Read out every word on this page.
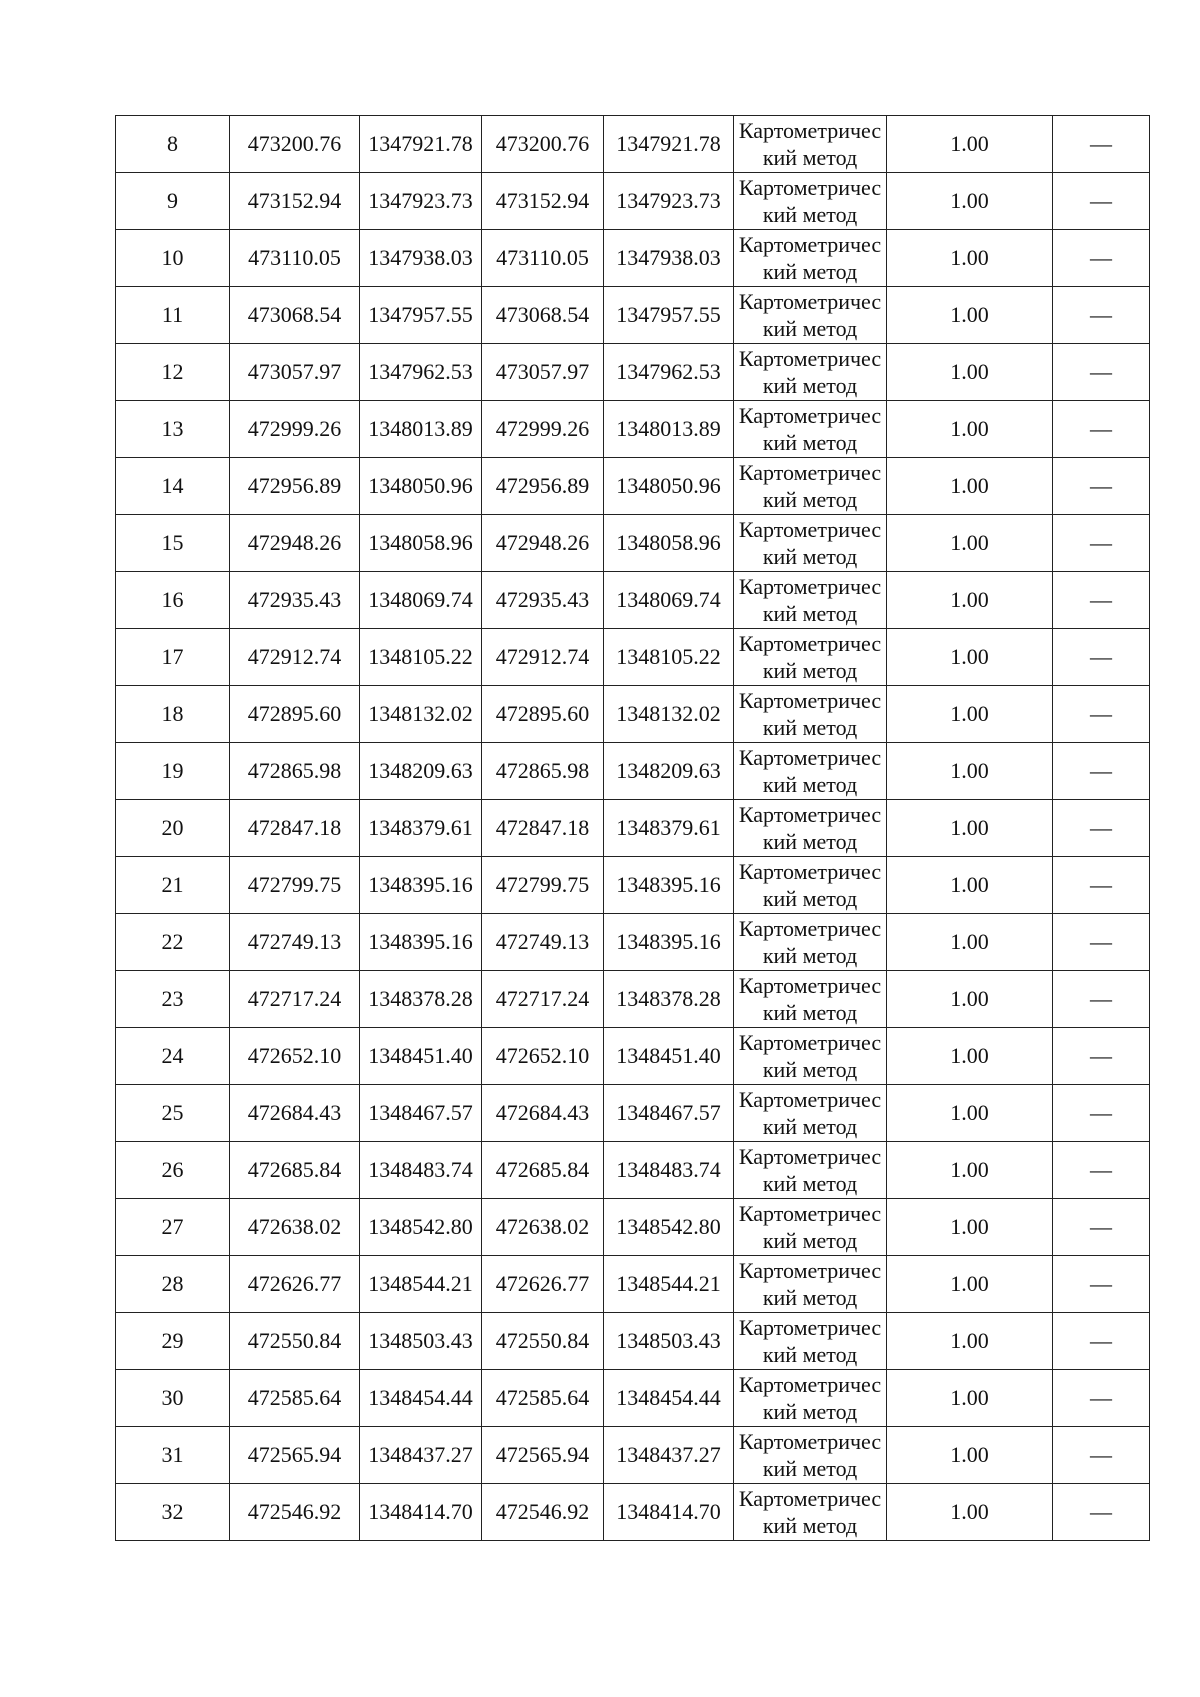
8	473200.76	1347921.78	473200.76	1347921.78	Картометрический метод	1.00	—
9	473152.94	1347923.73	473152.94	1347923.73	Картометрический метод	1.00	—
10	473110.05	1347938.03	473110.05	1347938.03	Картометрический метод	1.00	—
11	473068.54	1347957.55	473068.54	1347957.55	Картометрический метод	1.00	—
12	473057.97	1347962.53	473057.97	1347962.53	Картометрический метод	1.00	—
13	472999.26	1348013.89	472999.26	1348013.89	Картометрический метод	1.00	—
14	472956.89	1348050.96	472956.89	1348050.96	Картометрический метод	1.00	—
15	472948.26	1348058.96	472948.26	1348058.96	Картометрический метод	1.00	—
16	472935.43	1348069.74	472935.43	1348069.74	Картометрический метод	1.00	—
17	472912.74	1348105.22	472912.74	1348105.22	Картометрический метод	1.00	—
18	472895.60	1348132.02	472895.60	1348132.02	Картометрический метод	1.00	—
19	472865.98	1348209.63	472865.98	1348209.63	Картометрический метод	1.00	—
20	472847.18	1348379.61	472847.18	1348379.61	Картометрический метод	1.00	—
21	472799.75	1348395.16	472799.75	1348395.16	Картометрический метод	1.00	—
22	472749.13	1348395.16	472749.13	1348395.16	Картометрический метод	1.00	—
23	472717.24	1348378.28	472717.24	1348378.28	Картометрический метод	1.00	—
24	472652.10	1348451.40	472652.10	1348451.40	Картометрический метод	1.00	—
25	472684.43	1348467.57	472684.43	1348467.57	Картометрический метод	1.00	—
26	472685.84	1348483.74	472685.84	1348483.74	Картометрический метод	1.00	—
27	472638.02	1348542.80	472638.02	1348542.80	Картометрический метод	1.00	—
28	472626.77	1348544.21	472626.77	1348544.21	Картометрический метод	1.00	—
29	472550.84	1348503.43	472550.84	1348503.43	Картометрический метод	1.00	—
30	472585.64	1348454.44	472585.64	1348454.44	Картометрический метод	1.00	—
31	472565.94	1348437.27	472565.94	1348437.27	Картометрический метод	1.00	—
32	472546.92	1348414.70	472546.92	1348414.70	Картометрический метод	1.00	—
